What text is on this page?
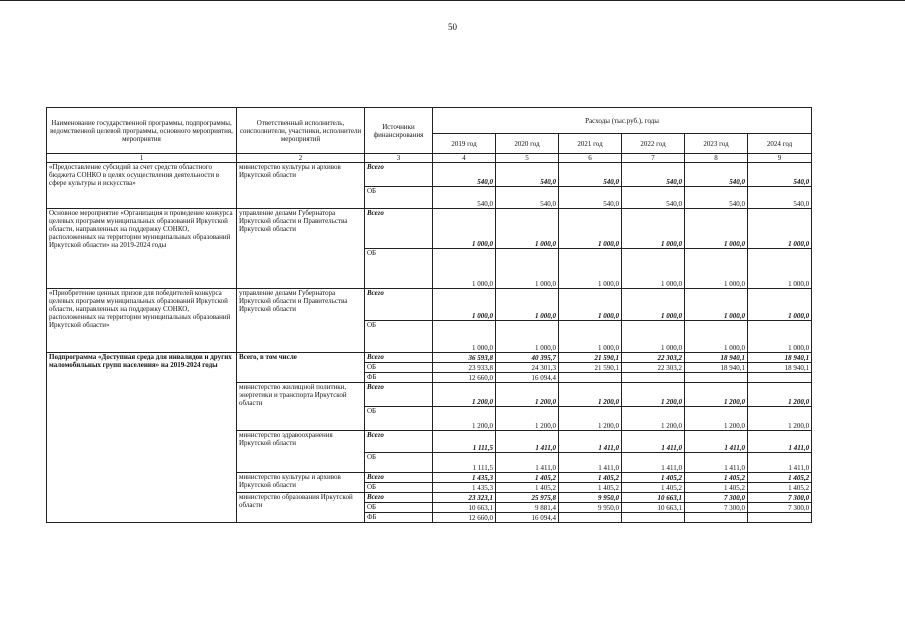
50
Наименование государственной программы, подпрограммы, ведомственной целевой программы, основного мероприятия, мероприятия	Ответственный исполнитель, соисполнители, участники, исполнители мероприятий	Источники финансирования	Расходы (тыс.руб.), годы					
			2019 год	2020 год	2021 год	2022 год	2023 год	2024 год
1	2	3	4	5	6	7	8	9
«Предоставление субсидий за счет средств областного бюджета СОНКО в целях осуществления деятельности в сфере культуры и искусства»	министерство культуры и архивов Иркутской области	Всего	540,0	540,0	540,0	540,0	540,0	540,0
		ОБ	540,0	540,0	540,0	540,0	540,0	540,0
Основное мероприятие «Организация и проведение конкурса целевых программ муниципальных образований Иркутской области, направленных на поддержку СОНКО, расположенных на территории муниципальных образований Иркутской области» на 2019-2024 годы	управление делами Губернатора Иркутской области и Правительства Иркутской области	Всего	1 000,0	1 000,0	1 000,0	1 000,0	1 000,0	1 000,0
		ОБ	1 000,0	1 000,0	1 000,0	1 000,0	1 000,0	1 000,0
«Приобретение ценных призов для победителей конкурса целевых программ муниципальных образований Иркутской области, направленных на поддержку СОНКО, расположенных на территории муниципальных образований Иркутской области»	управление делами Губернатора Иркутской области и Правительства Иркутской области	Всего	1 000,0	1 000,0	1 000,0	1 000,0	1 000,0	1 000,0
		ОБ	1 000,0	1 000,0	1 000,0	1 000,0	1 000,0	1 000,0
Подпрограмма «Доступная среда для инвалидов и других маломобильных групп населения» на 2019-2024 годы	Всего, в том числе	Всего	36 593,8	40 395,7	21 590,1	22 303,2	18 940,1	18 940,1
		ОБ	23 933,8	24 301,3	21 590,1	22 303,2	18 940,1	18 940,1
		ФБ	12 660,0	16 094,4				
	министерство жилищной политики, энергетики и транспорта Иркутской области	Всего	1 200,0	1 200,0	1 200,0	1 200,0	1 200,0	1 200,0
		ОБ	1 200,0	1 200,0	1 200,0	1 200,0	1 200,0	1 200,0
	министерство здравоохранения Иркутской области	Всего	1 111,5	1 411,0	1 411,0	1 411,0	1 411,0	1 411,0
		ОБ	1 111,5	1 411,0	1 411,0	1 411,0	1 411,0	1 411,0
	министерство культуры и архивов Иркутской области	Всего	1 435,3	1 405,2	1 405,2	1 405,2	1 405,2	1 405,2
		ОБ	1 435,3	1 405,2	1 405,2	1 405,2	1 405,2	1 405,2
	министерство образования Иркутской области	Всего	23 323,1	25 975,8	9 950,0	10 663,1	7 300,0	7 300,0
		ОБ	10 663,1	9 881,4	9 950,0	10 663,1	7 300,0	7 300,0
		ФБ	12 660,0	16 094,4				
